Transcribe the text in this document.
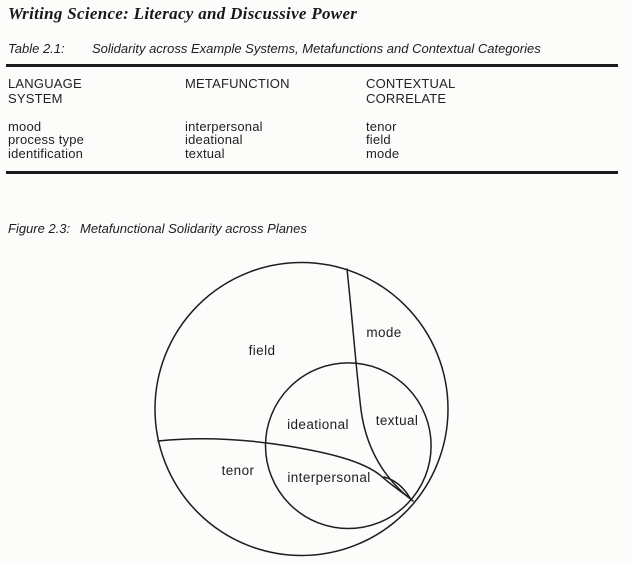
Writing Science: Literacy and Discussive Power
Table 2.1: Solidarity across Example Systems, Metafunctions and Contextual Categories
LANGUAGE
SYSTEM
METAFUNCTION	CONTEXTUAL
CORRELATE
mood
process type
identification
interpersonal
ideational
textual
tenor
field
mode
Figure 2.3: Metafunctional Solidarity across Planes
field
mode
ideational textual
tenor interpersonal
